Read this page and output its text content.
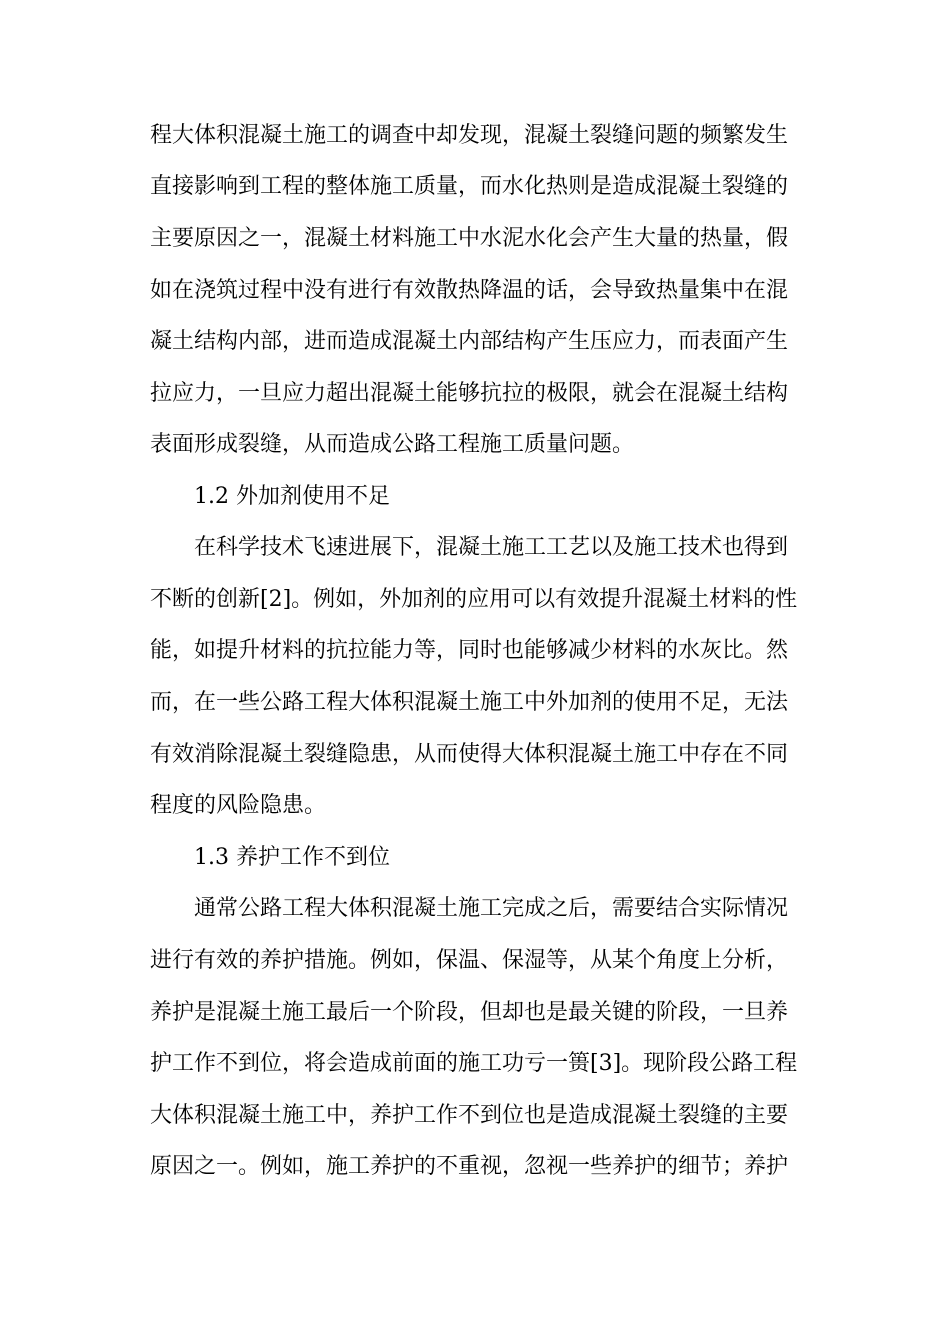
程大体积混凝土施工的调查中却发现，混凝土裂缝问题的频繁发生
直接影响到工程的整体施工质量，而水化热则是造成混凝土裂缝的
主要原因之一，混凝土材料施工中水泥水化会产生大量的热量，假
如在浇筑过程中没有进行有效散热降温的话，会导致热量集中在混
凝土结构内部，进而造成混凝土内部结构产生压应力，而表面产生
拉应力，一旦应力超出混凝土能够抗拉的极限，就会在混凝土结构
表面形成裂缝，从而造成公路工程施工质量问题。
1.2 外加剂使用不足
在科学技术飞速进展下，混凝土施工工艺以及施工技术也得到
不断的创新[2]。例如，外加剂的应用可以有效提升混凝土材料的性
能，如提升材料的抗拉能力等，同时也能够减少材料的水灰比。然
而，在一些公路工程大体积混凝土施工中外加剂的使用不足，无法
有效消除混凝土裂缝隐患，从而使得大体积混凝土施工中存在不同
程度的风险隐患。
1.3 养护工作不到位
通常公路工程大体积混凝土施工完成之后，需要结合实际情况
进行有效的养护措施。例如，保温、保湿等，从某个角度上分析，
养护是混凝土施工最后一个阶段，但却也是最关键的阶段，一旦养
护工作不到位，将会造成前面的施工功亏一篑[3]。现阶段公路工程
大体积混凝土施工中，养护工作不到位也是造成混凝土裂缝的主要
原因之一。例如，施工养护的不重视，忽视一些养护的细节；养护
